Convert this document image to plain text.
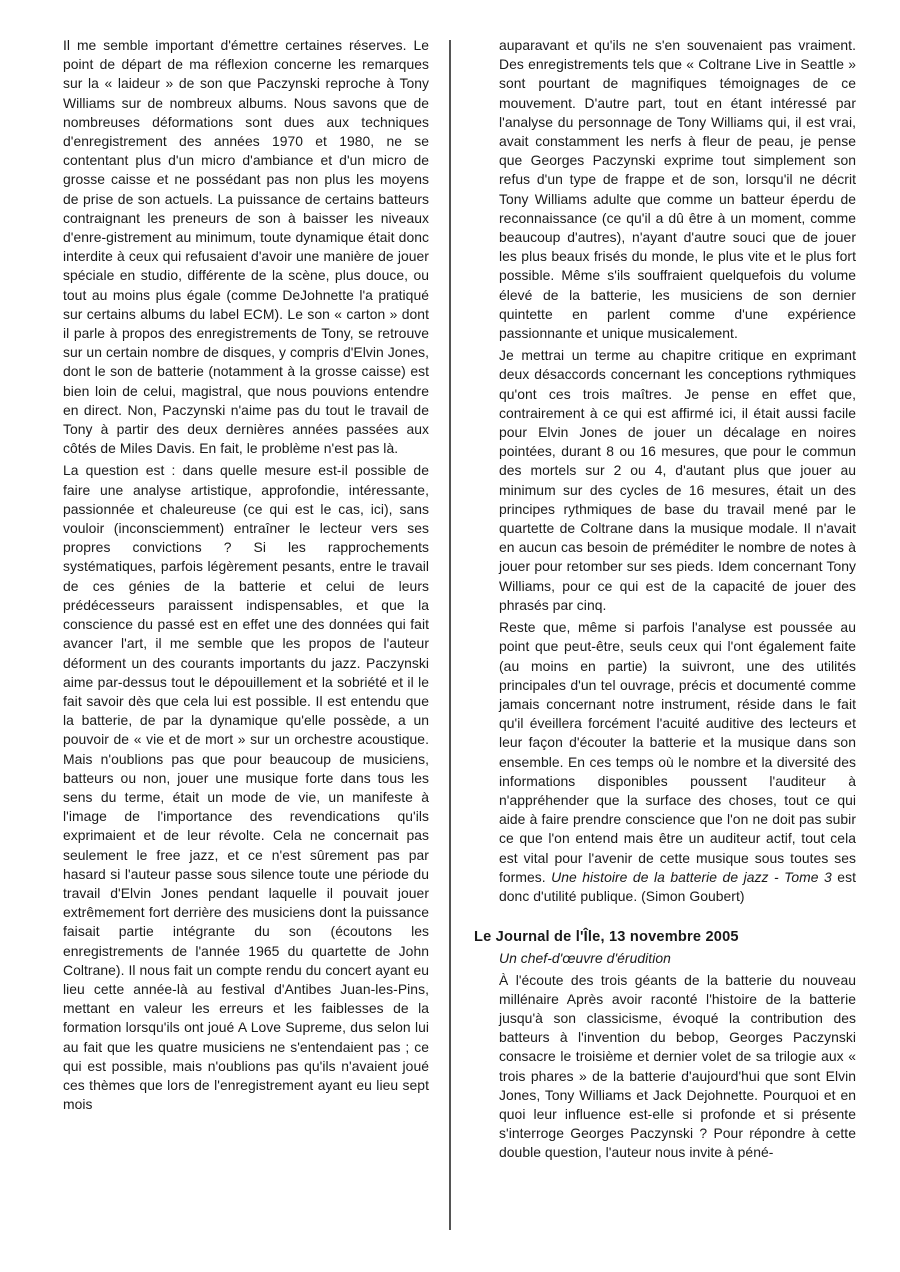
Il me semble important d'émettre certaines réserves. Le point de départ de ma réflexion concerne les remarques sur la « laideur » de son que Paczynski reproche à Tony Williams sur de nombreux albums. Nous savons que de nombreuses déformations sont dues aux techniques d'enregistrement des années 1970 et 1980, ne se contentant plus d'un micro d'ambiance et d'un micro de grosse caisse et ne possédant pas non plus les moyens de prise de son actuels. La puissance de certains batteurs contraignant les preneurs de son à baisser les niveaux d'enre-gistrement au minimum, toute dynamique était donc interdite à ceux qui refusaient d'avoir une manière de jouer spéciale en studio, différente de la scène, plus douce, ou tout au moins plus égale (comme DeJohnette l'a pratiqué sur certains albums du label ECM). Le son « carton » dont il parle à propos des enregistrements de Tony, se retrouve sur un certain nombre de disques, y compris d'Elvin Jones, dont le son de batterie (notamment à la grosse caisse) est bien loin de celui, magistral, que nous pouvions entendre en direct. Non, Paczynski n'aime pas du tout le travail de Tony à partir des deux dernières années passées aux côtés de Miles Davis. En fait, le problème n'est pas là.

La question est : dans quelle mesure est-il possible de faire une analyse artistique, approfondie, intéressante, passionnée et chaleureuse (ce qui est le cas, ici), sans vouloir (inconsciemment) entraîner le lecteur vers ses propres convictions ? Si les rapprochements systématiques, parfois légèrement pesants, entre le travail de ces génies de la batterie et celui de leurs prédécesseurs paraissent indispensables, et que la conscience du passé est en effet une des données qui fait avancer l'art, il me semble que les propos de l'auteur déforment un des courants importants du jazz. Paczynski aime par-dessus tout le dépouillement et la sobriété et il le fait savoir dès que cela lui est possible. Il est entendu que la batterie, de par la dynamique qu'elle possède, a un pouvoir de « vie et de mort » sur un orchestre acoustique. Mais n'oublions pas que pour beaucoup de musiciens, batteurs ou non, jouer une musique forte dans tous les sens du terme, était un mode de vie, un manifeste à l'image de l'importance des revendications qu'ils exprimaient et de leur révolte. Cela ne concernait pas seulement le free jazz, et ce n'est sûrement pas par hasard si l'auteur passe sous silence toute une période du travail d'Elvin Jones pendant laquelle il pouvait jouer extrêmement fort derrière des musiciens dont la puissance faisait partie intégrante du son (écoutons les enregistrements de l'année 1965 du quartette de John Coltrane). Il nous fait un compte rendu du concert ayant eu lieu cette année-là au festival d'Antibes Juan-les-Pins, mettant en valeur les erreurs et les faiblesses de la formation lorsqu'ils ont joué A Love Supreme, dus selon lui au fait que les quatre musiciens ne s'entendaient pas ; ce qui est possible, mais n'oublions pas qu'ils n'avaient joué ces thèmes que lors de l'enregistrement ayant eu lieu sept mois

auparavant et qu'ils ne s'en souvenaient pas vraiment. Des enregistrements tels que « Coltrane Live in Seattle » sont pourtant de magnifiques témoignages de ce mouvement. D'autre part, tout en étant intéressé par l'analyse du personnage de Tony Williams qui, il est vrai, avait constamment les nerfs à fleur de peau, je pense que Georges Paczynski exprime tout simplement son refus d'un type de frappe et de son, lorsqu'il ne décrit Tony Williams adulte que comme un batteur éperdu de reconnaissance (ce qu'il a dû être à un moment, comme beaucoup d'autres), n'ayant d'autre souci que de jouer les plus beaux frisés du monde, le plus vite et le plus fort possible. Même s'ils souffraient quelquefois du volume élevé de la batterie, les musiciens de son dernier quintette en parlent comme d'une expérience passionnante et unique musicalement.

Je mettrai un terme au chapitre critique en exprimant deux désaccords concernant les conceptions rythmiques qu'ont ces trois maîtres. Je pense en effet que, contrairement à ce qui est affirmé ici, il était aussi facile pour Elvin Jones de jouer un décalage en noires pointées, durant 8 ou 16 mesures, que pour le commun des mortels sur 2 ou 4, d'autant plus que jouer au minimum sur des cycles de 16 mesures, était un des principes rythmiques de base du travail mené par le quartette de Coltrane dans la musique modale. Il n'avait en aucun cas besoin de préméditer le nombre de notes à jouer pour retomber sur ses pieds. Idem concernant Tony Williams, pour ce qui est de la capacité de jouer des phrasés par cinq.

Reste que, même si parfois l'analyse est poussée au point que peut-être, seuls ceux qui l'ont également faite (au moins en partie) la suivront, une des utilités principales d'un tel ouvrage, précis et documenté comme jamais concernant notre instrument, réside dans le fait qu'il éveillera forcément l'acuité auditive des lecteurs et leur façon d'écouter la batterie et la musique dans son ensemble. En ces temps où le nombre et la diversité des informations disponibles poussent l'auditeur à n'appréhender que la surface des choses, tout ce qui aide à faire prendre conscience que l'on ne doit pas subir ce que l'on entend mais être un auditeur actif, tout cela est vital pour l'avenir de cette musique sous toutes ses formes. Une histoire de la batterie de jazz - Tome 3 est donc d'utilité publique. (Simon Goubert)

Le Journal de l'Île, 13 novembre 2005
Un chef-d'œuvre d'érudition

À l'écoute des trois géants de la batterie du nouveau millénaire Après avoir raconté l'histoire de la batterie jusqu'à son classicisme, évoqué la contribution des batteurs à l'invention du bebop, Georges Paczynski consacre le troisième et dernier volet de sa trilogie aux « trois phares » de la batterie d'aujourd'hui que sont Elvin Jones, Tony Williams et Jack Dejohnette. Pourquoi et en quoi leur influence est-elle si profonde et si présente s'interroge Georges Paczynski ? Pour répondre à cette double question, l'auteur nous invite à péné-
